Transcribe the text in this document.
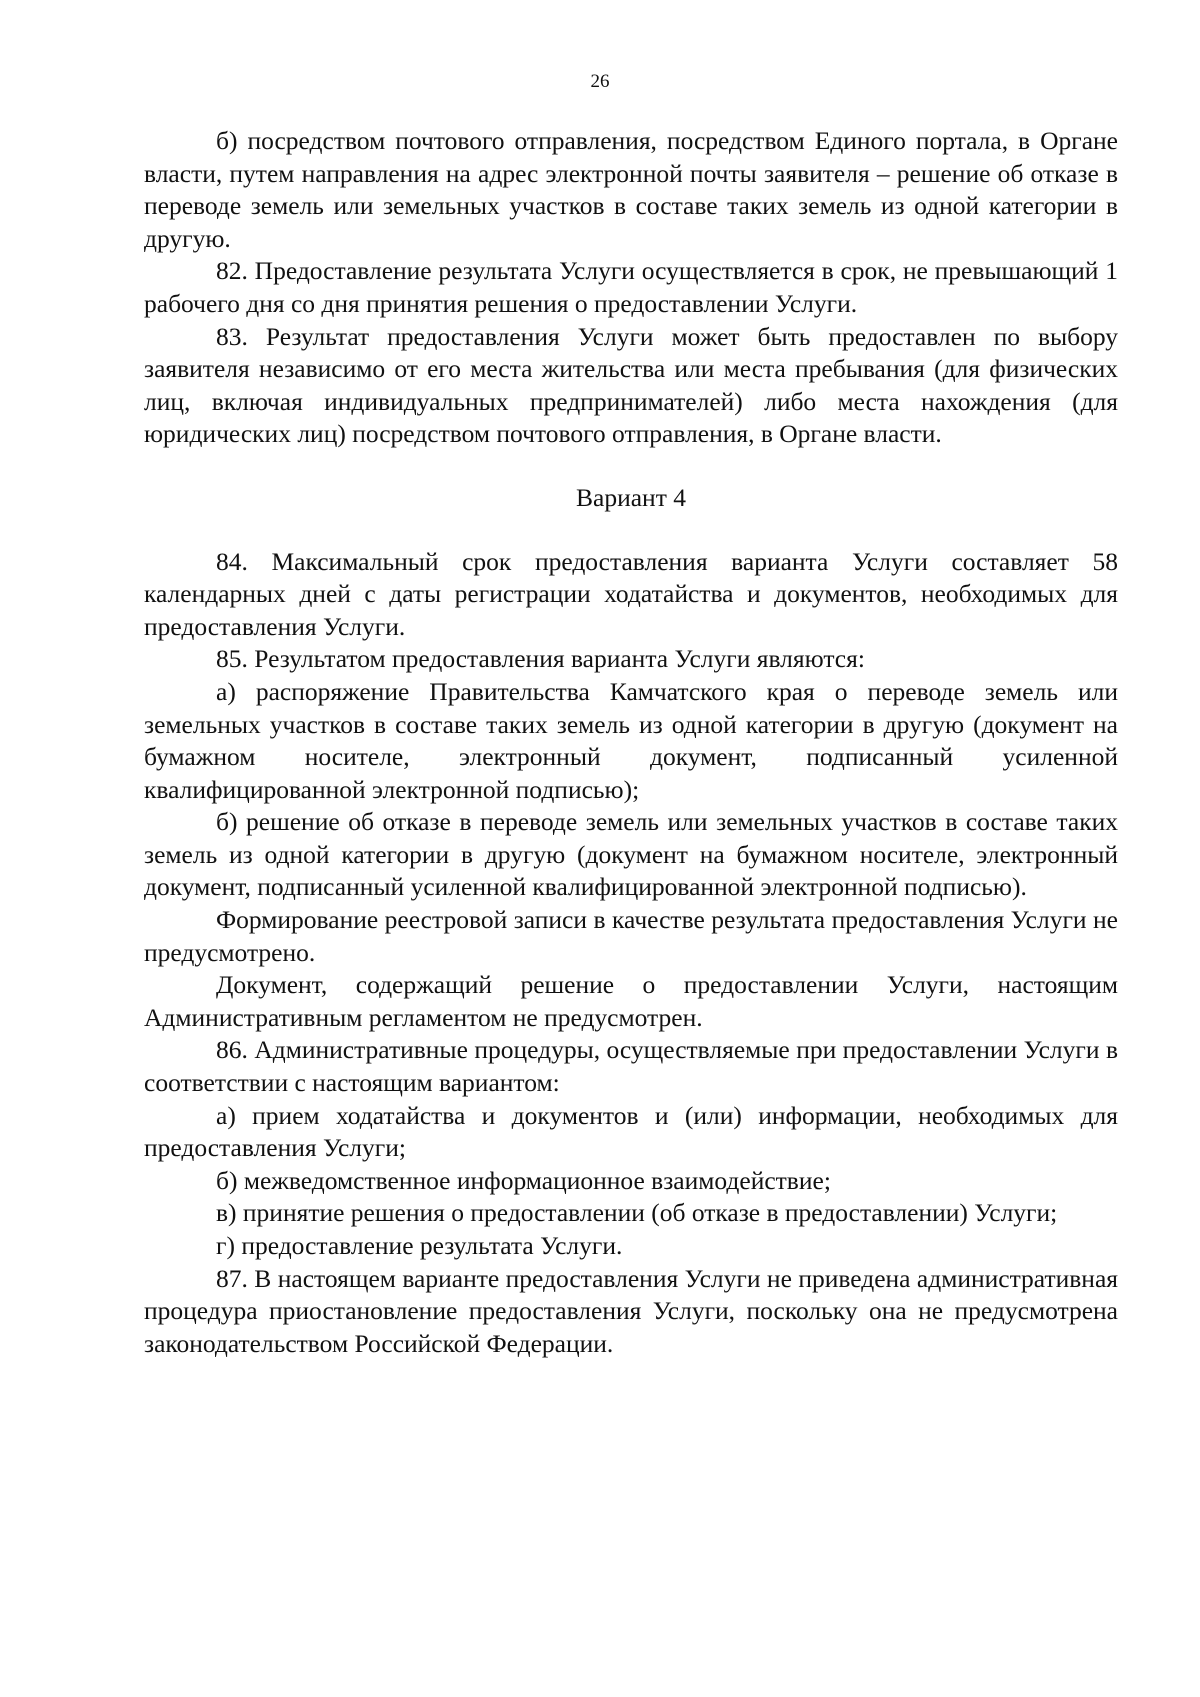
26

б) посредством почтового отправления, посредством Единого портала, в Органе власти, путем направления на адрес электронной почты заявителя – решение об отказе в переводе земель или земельных участков в составе таких земель из одной категории в другую.

82. Предоставление результата Услуги осуществляется в срок, не превышающий 1 рабочего дня со дня принятия решения о предоставлении Услуги.

83. Результат предоставления Услуги может быть предоставлен по выбору заявителя независимо от его места жительства или места пребывания (для физических лиц, включая индивидуальных предпринимателей) либо места нахождения (для юридических лиц) посредством почтового отправления, в Органе власти.

Вариант 4

84. Максимальный срок предоставления варианта Услуги составляет 58 календарных дней с даты регистрации ходатайства и документов, необходимых для предоставления Услуги.

85. Результатом предоставления варианта Услуги являются:

а) распоряжение Правительства Камчатского края о переводе земель или земельных участков в составе таких земель из одной категории в другую (документ на бумажном носителе, электронный документ, подписанный усиленной квалифицированной электронной подписью);

б) решение об отказе в переводе земель или земельных участков в составе таких земель из одной категории в другую (документ на бумажном носителе, электронный документ, подписанный усиленной квалифицированной электронной подписью).

Формирование реестровой записи в качестве результата предоставления Услуги не предусмотрено.

Документ, содержащий решение о предоставлении Услуги, настоящим Административным регламентом не предусмотрен.

86. Административные процедуры, осуществляемые при предоставлении Услуги в соответствии с настоящим вариантом:

а) прием ходатайства и документов и (или) информации, необходимых для предоставления Услуги;

б) межведомственное информационное взаимодействие;

в) принятие решения о предоставлении (об отказе в предоставлении) Услуги;

г) предоставление результата Услуги.

87. В настоящем варианте предоставления Услуги не приведена административная процедура приостановление предоставления Услуги, поскольку она не предусмотрена законодательством Российской Федерации.
